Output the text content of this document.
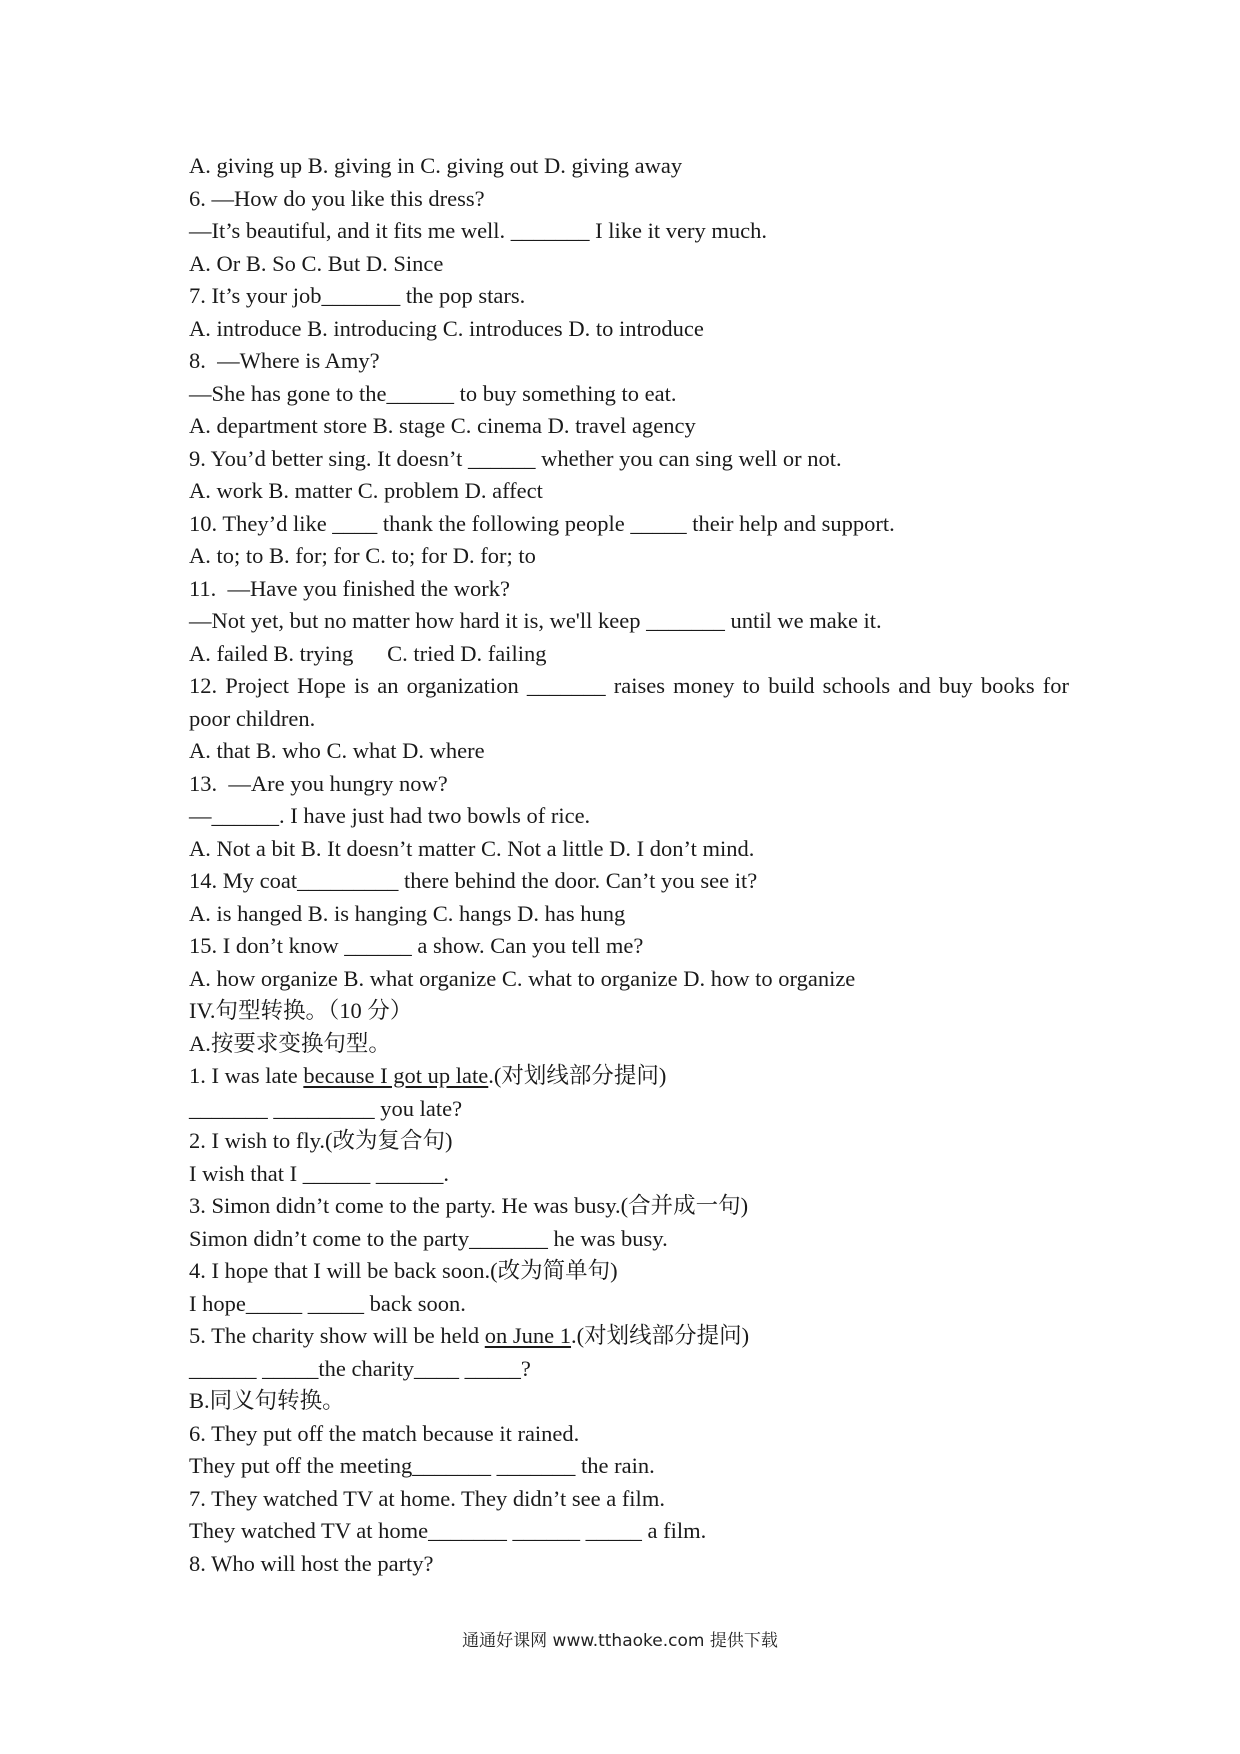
A. giving up B. giving in C. giving out D. giving away
6. —How do you like this dress?
—It’s beautiful, and it fits me well. _______ I like it very much.
A. Or B. So C. But D. Since
7. It’s your job_______ the pop stars.
A. introduce B. introducing C. introduces D. to introduce
8.  —Where is Amy?
—She has gone to the______ to buy something to eat.
A. department store B. stage C. cinema D. travel agency
9. You’d better sing. It doesn’t ______ whether you can sing well or not.
A. work B. matter C. problem D. affect
10. They’d like ____ thank the following people _____ their help and support.
A. to; to B. for; for C. to; for D. for; to
11.  —Have you finished the work?
—Not yet, but no matter how hard it is, we'll keep _______ until we make it.
A. failed B. trying      C. tried D. failing
12. Project Hope is an organization _______ raises money to build schools and buy books for poor children.
A. that B. who C. what D. where
13.  —Are you hungry now?
—______. I have just had two bowls of rice.
A. Not a bit B. It doesn’t matter C. Not a little D. I don’t mind.
14. My coat_________ there behind the door. Can’t you see it?
A. is hanged B. is hanging C. hangs D. has hung
15. I don’t know ______ a show. Can you tell me?
A. how organize B. what organize C. what to organize D. how to organize
IV.句型转换。（10 分）
A.按要求变换句型。
1. I was late because I got up late.(对划线部分提问)
_______ _________ you late?
2. I wish to fly.(改为复合句)
I wish that I ______ ______.
3. Simon didn’t come to the party. He was busy.(合并成一句)
Simon didn’t come to the party_______ he was busy.
4. I hope that I will be back soon.(改为简单句)
I hope_____ _____ back soon.
5. The charity show will be held on June 1.(对划线部分提问)
______ _____the charity____ _____?
B.同义句转换。
6. They put off the match because it rained.
They put off the meeting_______ _______ the rain.
7. They watched TV at home. They didn’t see a film.
They watched TV at home_______ ______ _____ a film.
8. Who will host the party?
通通好课网 www.tthaoke.com 提供下载
